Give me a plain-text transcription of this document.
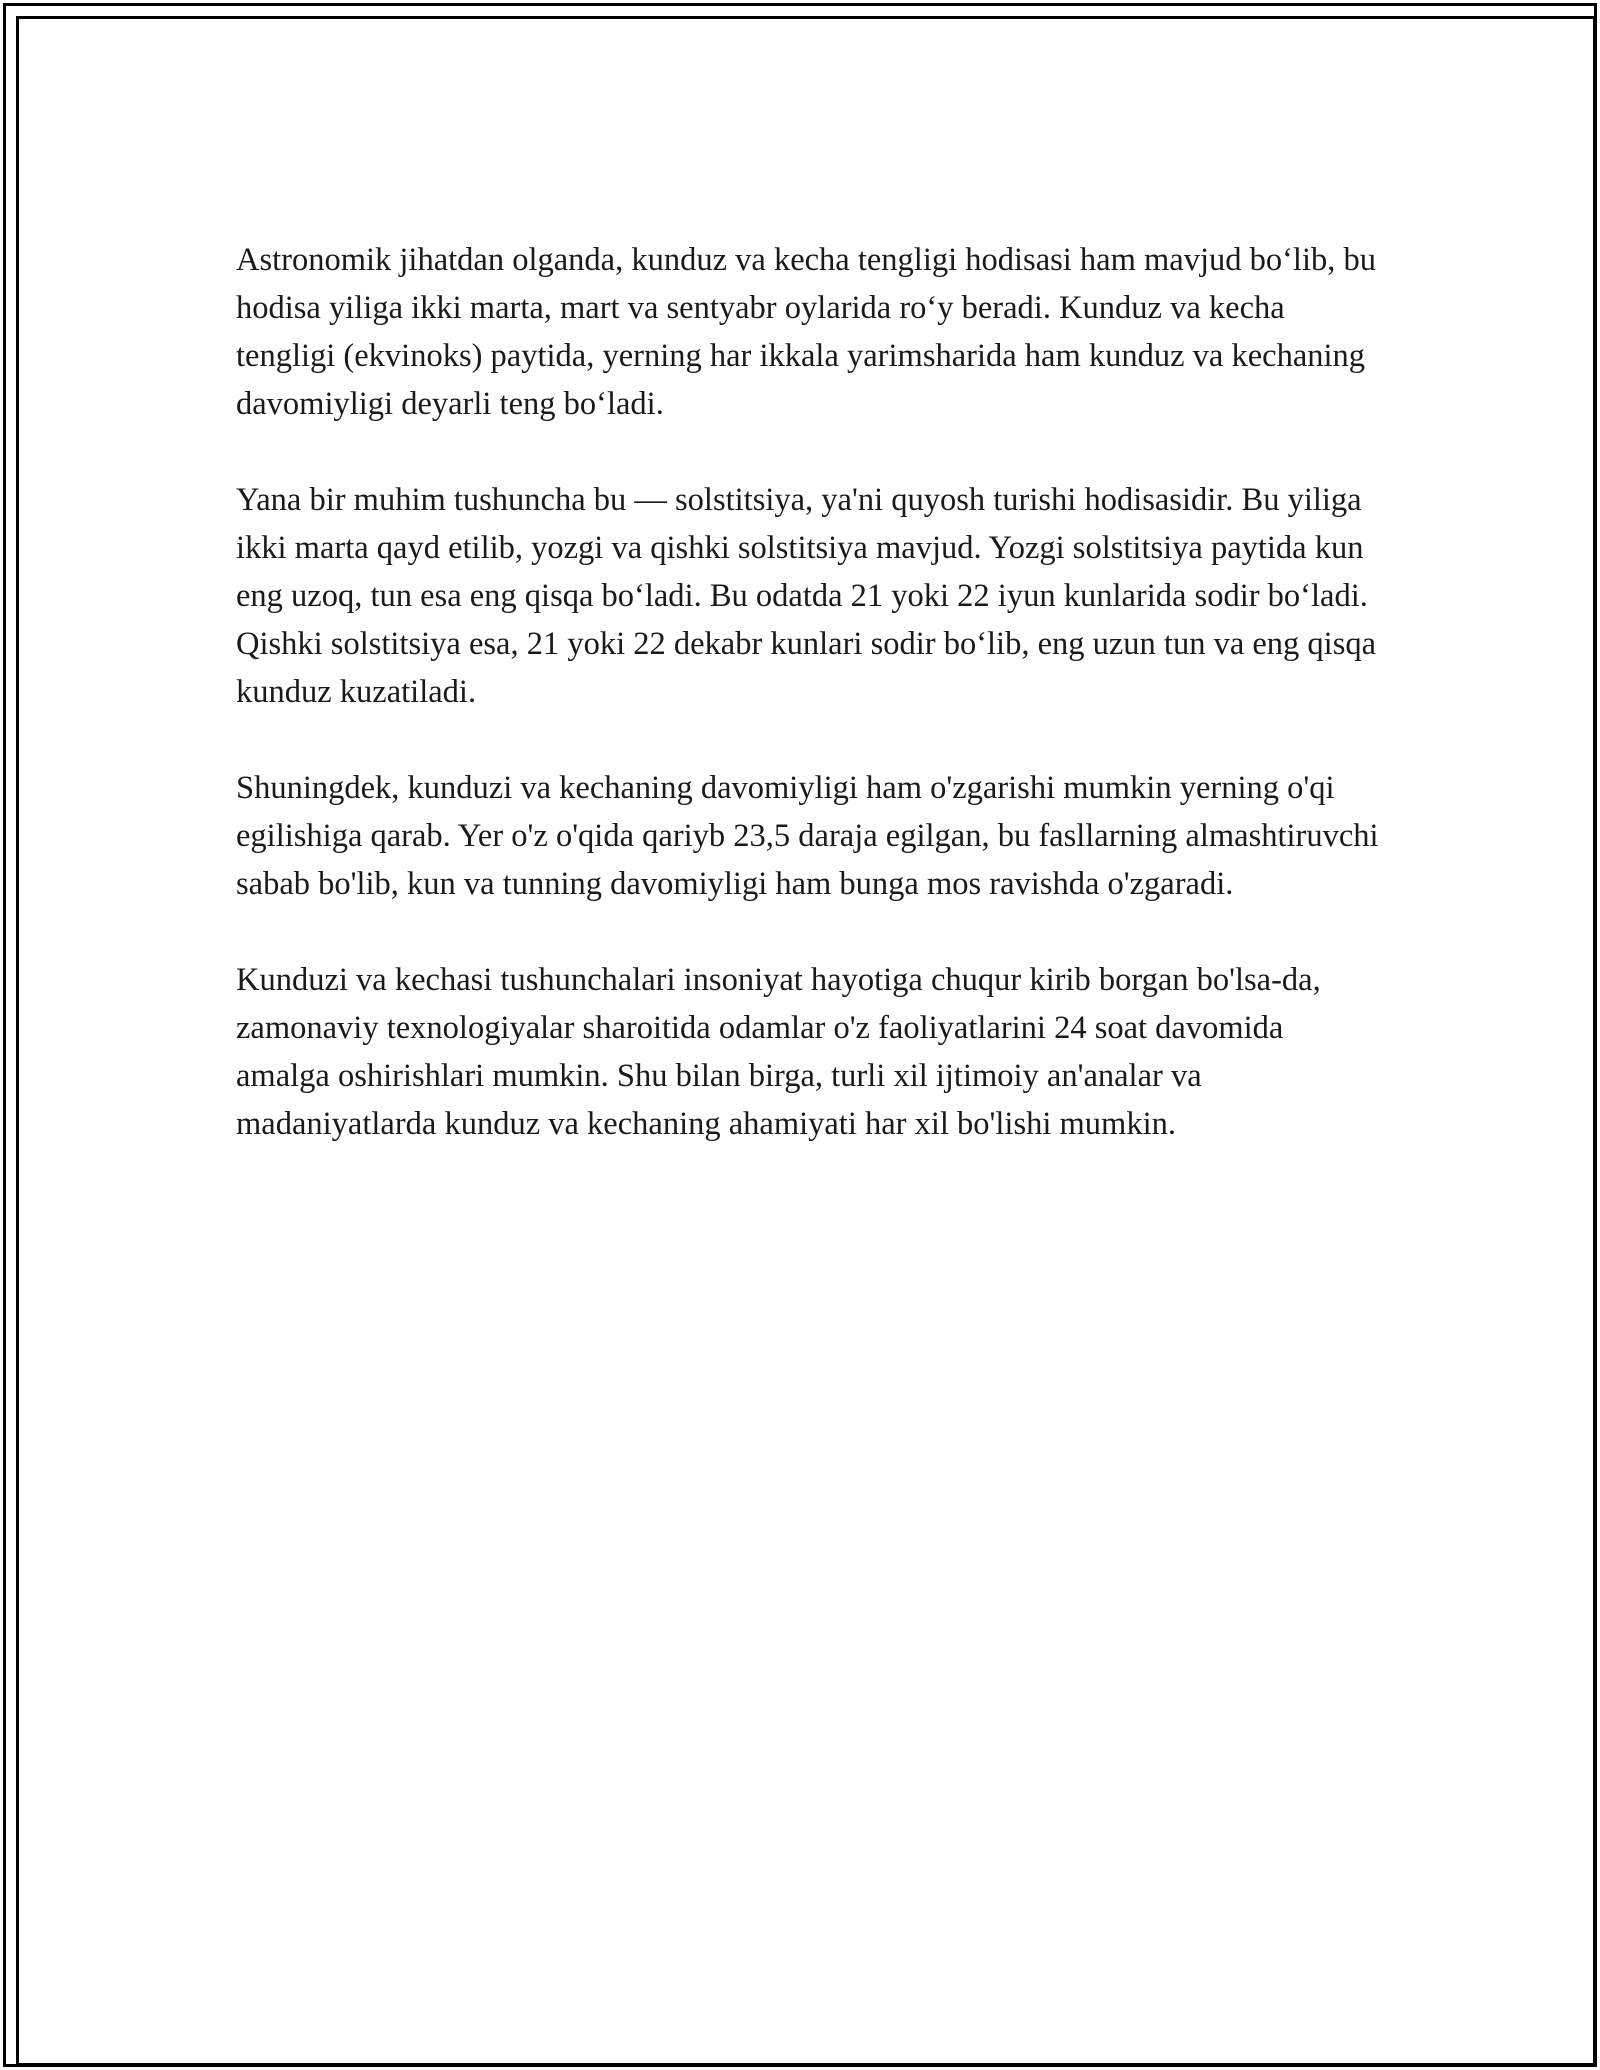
Astronomik jihatdan olganda, kunduz va kecha tengligi hodisasi ham mavjud bo‘lib, bu hodisa yiliga ikki marta, mart va sentyabr oylarida ro‘y beradi. Kunduz va kecha tengligi (ekvinoks) paytida, yerning har ikkala yarimsharida ham kunduz va kechaning davomiyligi deyarli teng bo‘ladi.

Yana bir muhim tushuncha bu — solstitsiya, ya'ni quyosh turishi hodisasidir. Bu yiliga ikki marta qayd etilib, yozgi va qishki solstitsiya mavjud. Yozgi solstitsiya paytida kun eng uzoq, tun esa eng qisqa bo‘ladi. Bu odatda 21 yoki 22 iyun kunlarida sodir bo‘ladi. Qishki solstitsiya esa, 21 yoki 22 dekabr kunlari sodir bo‘lib, eng uzun tun va eng qisqa kunduz kuzatiladi.

Shuningdek, kunduzi va kechaning davomiyligi ham o'zgarishi mumkin yerning o'qi egilishiga qarab. Yer o'z o'qida qariyb 23,5 daraja egilgan, bu fasllarning almashtiruvchi sabab bo'lib, kun va tunning davomiyligi ham bunga mos ravishda o'zgaradi.

Kunduzi va kechasi tushunchalari insoniyat hayotiga chuqur kirib borgan bo'lsa-da, zamonaviy texnologiyalar sharoitida odamlar o'z faoliyatlarini 24 soat davomida amalga oshirishlari mumkin. Shu bilan birga, turli xil ijtimoiy an'analar va madaniyatlarda kunduz va kechaning ahamiyati har xil bo'lishi mumkin.
